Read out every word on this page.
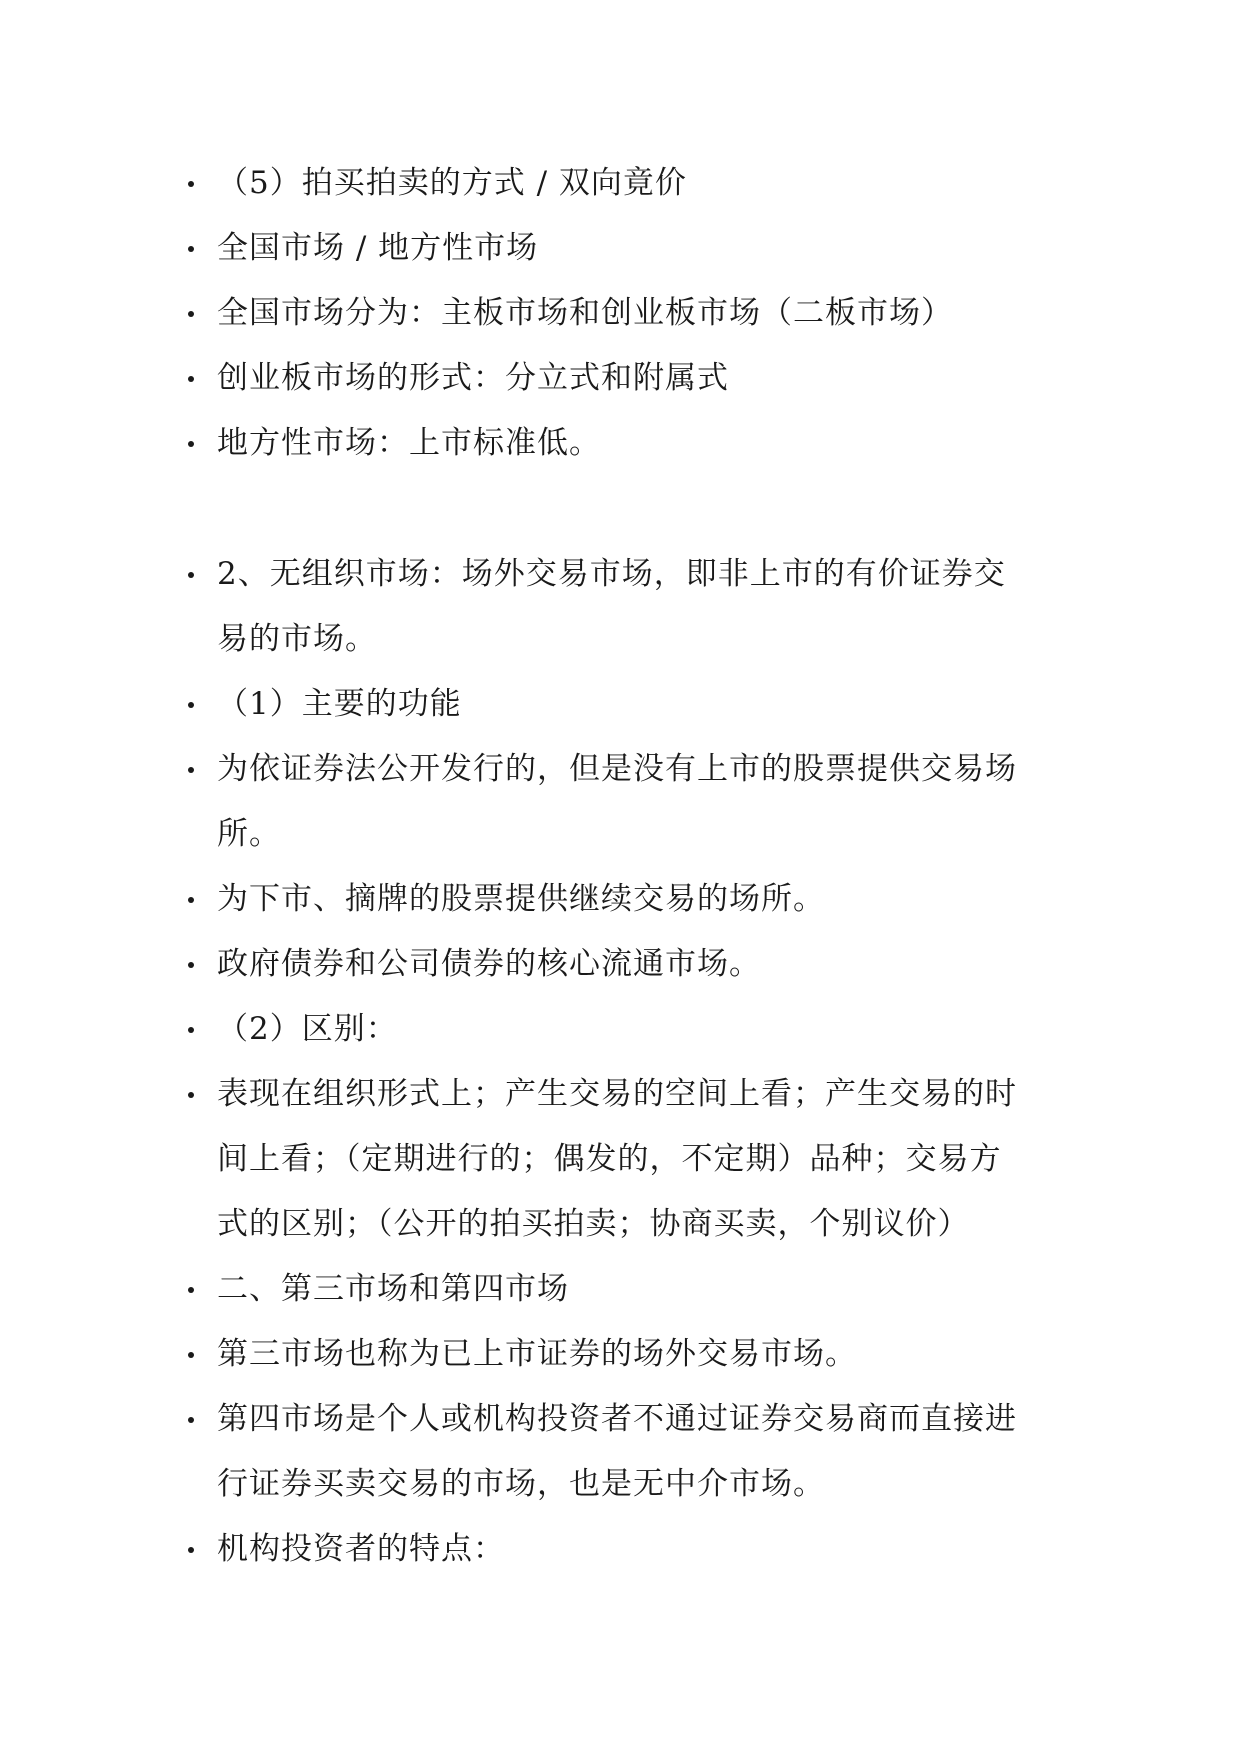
（5）拍买拍卖的方式 / 双向竟价
全国市场 / 地方性市场
全国市场分为：主板市场和创业板市场（二板市场）
创业板市场的形式：分立式和附属式
地方性市场：上市标准低。
2、无组织市场：场外交易市场，即非上市的有价证券交
易的市场。
（1）主要的功能
为依证券法公开发行的，但是没有上市的股票提供交易场
所。
为下市、摘牌的股票提供继续交易的场所。
政府债券和公司债券的核心流通市场。
（2）区别：
表现在组织形式上；产生交易的空间上看；产生交易的时
间上看；（定期进行的；偶发的，不定期）品种；交易方
式的区别；（公开的拍买拍卖；协商买卖，个别议价）
二、第三市场和第四市场
第三市场也称为已上市证券的场外交易市场。
第四市场是个人或机构投资者不通过证券交易商而直接进
行证券买卖交易的市场，也是无中介市场。
机构投资者的特点：
